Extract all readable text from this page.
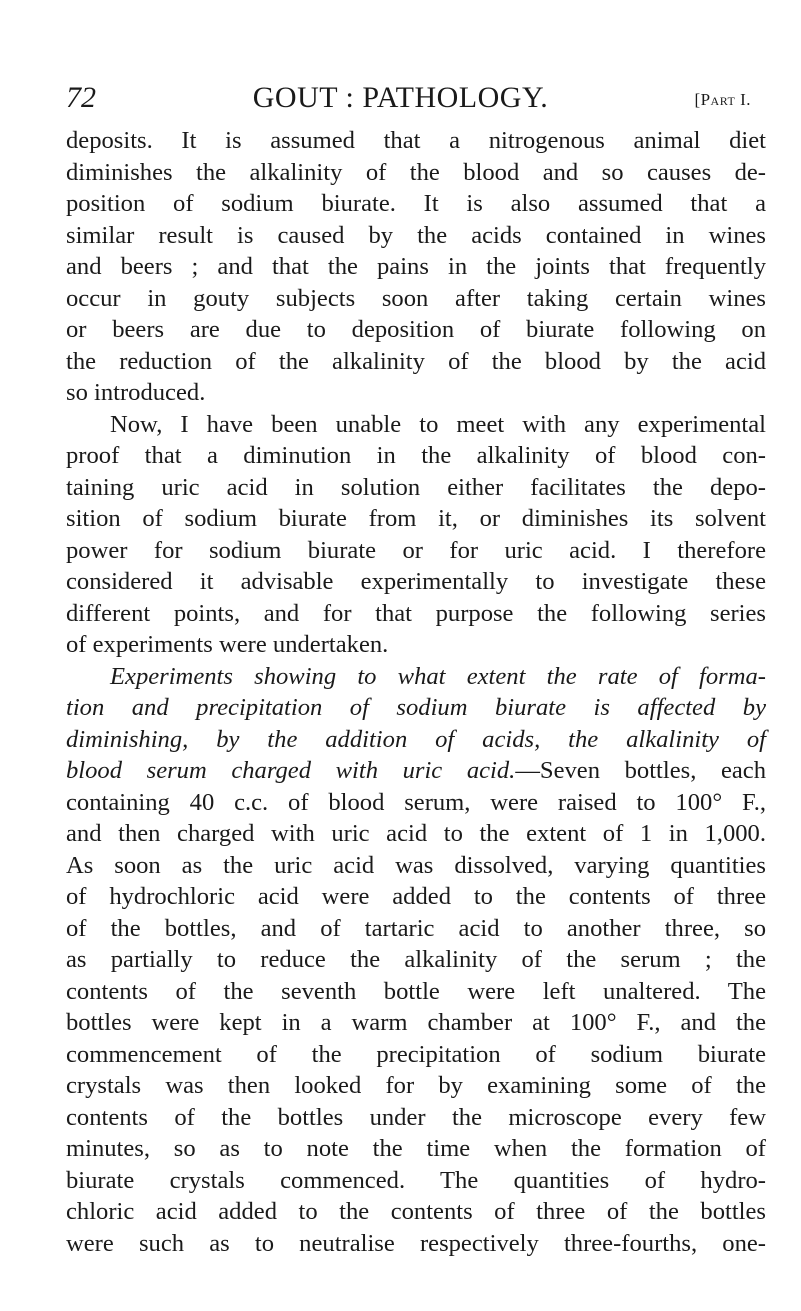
72	GOUT : PATHOLOGY.	[Part I.
deposits. It is assumed that a nitrogenous animal diet
diminishes the alkalinity of the blood and so causes de-
position of sodium biurate. It is also assumed that a
similar result is caused by the acids contained in wines
and beers ; and that the pains in the joints that frequently
occur in gouty subjects soon after taking certain wines
or beers are due to deposition of biurate following on
the reduction of the alkalinity of the blood by the acid
so introduced.
Now, I have been unable to meet with any experimental
proof that a diminution in the alkalinity of blood con-
taining uric acid in solution either facilitates the depo-
sition of sodium biurate from it, or diminishes its solvent
power for sodium biurate or for uric acid. I therefore
considered it advisable experimentally to investigate these
different points, and for that purpose the following series
of experiments were undertaken.
Experiments showing to what extent the rate of forma-
tion and precipitation of sodium biurate is affected by
diminishing, by the addition of acids, the alkalinity of
blood serum charged with uric acid.—Seven bottles, each
containing 40 c.c. of blood serum, were raised to 100° F.,
and then charged with uric acid to the extent of 1 in 1,000.
As soon as the uric acid was dissolved, varying quantities
of hydrochloric acid were added to the contents of three
of the bottles, and of tartaric acid to another three, so
as partially to reduce the alkalinity of the serum ; the
contents of the seventh bottle were left unaltered. The
bottles were kept in a warm chamber at 100° F., and the
commencement of the precipitation of sodium biurate
crystals was then looked for by examining some of the
contents of the bottles under the microscope every few
minutes, so as to note the time when the formation of
biurate crystals commenced. The quantities of hydro-
chloric acid added to the contents of three of the bottles
were such as to neutralise respectively three-fourths, one-
